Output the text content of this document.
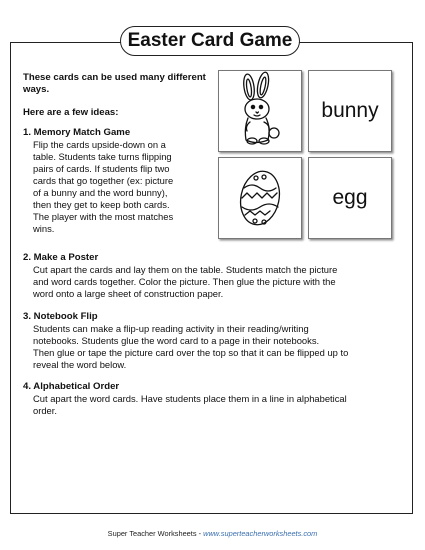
Easter Card Game
These cards can be used many different ways.
Here are a few ideas:
1. Memory Match Game
Flip the cards upside-down on a
table. Students take turns flipping
pairs of cards. If students flip two
cards that go together (ex: picture
of a bunny and the word bunny),
then they get to keep both cards.
The player with the most matches
wins.
2. Make a Poster
Cut apart the cards and lay them on the table. Students match the picture
and word cards together. Color the picture. Then glue the picture with the
word onto a large sheet of construction paper.
3. Notebook Flip
Students can make a flip-up reading activity in their reading/writing
notebooks. Students glue the word card to a page in their notebooks.
Then glue or tape the picture card over the top so that it can be flipped up to
reveal the word below.
4. Alphabetical Order
Cut apart the word cards. Have students place them in a line in alphabetical
order.
bunny
egg
Super Teacher Worksheets - www.superteacherworksheets.com
